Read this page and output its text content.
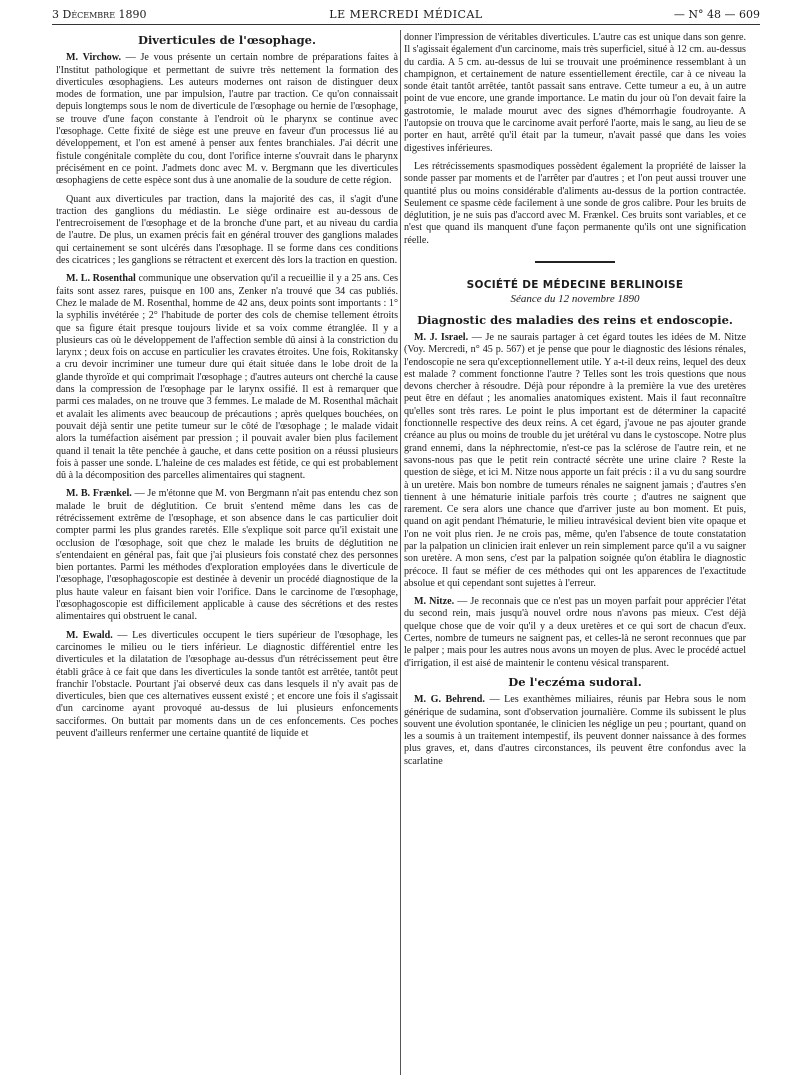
3 Décembre 1890	LE MERCREDI MÉDICAL	— N° 48 — 609
Diverticules de l'œsophage.

M. Virchow. — Je vous présente un certain nombre de préparations faites à l'Institut pathologique et permettant de suivre très nettement la formation des diverticules œsophagiens. Les auteurs modernes ont raison de distinguer deux modes de formation, une par impulsion, l'autre par traction. Ce qu'on connaissait depuis longtemps sous le nom de diverticule de l'œsophage ou hernie de l'œsophage, se trouve d'une façon constante à l'endroit où le pharynx se continue avec l'œsophage. Cette fixité de siège est une preuve en faveur d'un processus lié au développement, et l'on est amené à penser aux fentes branchiales. J'ai décrit une fistule congénitale complète du cou, dont l'orifice interne s'ouvrait dans le pharynx précisément en ce point. J'admets donc avec M. v. Bergmann que les diverticules œsophagiens de cette espèce sont dus à une anomalie de la soudure de cette région.

Quant aux diverticules par traction, dans la majorité des cas, il s'agit d'une traction des ganglions du médiastin. Le siège ordinaire est au-dessous de l'entrecroisement de l'œsophage et de la bronche d'une part, et au niveau du cardia de l'autre. De plus, un examen précis fait en général trouver des ganglions malades qui certainement se sont ulcérés dans l'œsophage. Il se forme dans ces conditions des cicatrices ; les ganglions se rétractent et exercent dès lors la traction en question.

M. L. Rosenthal communique une observation qu'il a recueillie il y a 25 ans. Ces faits sont assez rares, puisque en 100 ans, Zenker n'a trouvé que 34 cas publiés. Chez le malade de M. Rosenthal, homme de 42 ans, deux points sont importants : 1° la syphilis invétérée ; 2° l'habitude de porter des cols de chemise tellement étroits que sa figure était presque toujours livide et sa voix comme étranglée. Il y a plusieurs cas où le développement de l'affection semble dû ainsi à la constriction du larynx ; deux fois on accuse en particulier les cravates étroites. Une fois, Rokitansky a cru devoir incriminer une tumeur dure qui était située dans le lobe droit de la glande thyroïde et qui comprimait l'œsophage ; d'autres auteurs ont cherché la cause dans la compression de l'œsophage par le larynx ossifié. Il est à remarquer que parmi ces malades, on ne trouve que 3 femmes. Le malade de M. Rosenthal mâchait et avalait les aliments avec beaucoup de précautions ; après quelques bouchées, on pouvait déjà sentir une petite tumeur sur le côté de l'œsophage ; le malade vidait alors la tuméfaction aisément par pression ; il pouvait avaler bien plus facilement quand il tenait la tête penchée à gauche, et dans cette position on a réussi plusieurs fois à passer une sonde. L'haleine de ces malades est fétide, ce qui est probablement dû à la décomposition des parcelles alimentaires qui stagnent.

M. B. Frænkel. — Je m'étonne que M. von Bergmann n'ait pas entendu chez son malade le bruit de déglutition. Ce bruit s'entend même dans les cas de rétrécissement extrême de l'œsophage, et son absence dans le cas particulier doit compter parmi les plus grandes raretés. Elle s'explique soit parce qu'il existait une occlusion de l'œsophage, soit que chez le malade les bruits de déglutition ne s'entendaient en général pas, fait que j'ai plusieurs fois constaté chez des personnes bien portantes. Parmi les méthodes d'exploration employées dans le diverticule de l'œsophage, l'œsophagoscopie est destinée à devenir un procédé diagnostique de la plus haute valeur en faisant bien voir l'orifice. Dans le carcinome de l'œsophage, l'œsophagoscopie est difficilement applicable à cause des sécrétions et des restes alimentaires qui obstruent le canal.

M. Ewald. — Les diverticules occupent le tiers supérieur de l'œsophage, les carcinomes le milieu ou le tiers inférieur. Le diagnostic différentiel entre les diverticules et la dilatation de l'œsophage au-dessus d'un rétrécissement peut être établi grâce à ce fait que dans les diverticules la sonde tantôt est arrêtée, tantôt peut franchir l'obstacle. Pourtant j'ai observé deux cas dans lesquels il n'y avait pas de diverticules, bien que ces alternatives eussent existé ; et encore une fois il s'agissait d'un carcinome ayant provoqué au-dessus de lui plusieurs enfoncements sacciformes. On buttait par moments dans un de ces enfoncements. Ces poches peuvent d'ailleurs renfermer une certaine quantité de liquide et

donner l'impression de véritables diverticules. L'autre cas est unique dans son genre. Il s'agissait également d'un carcinome, mais très superficiel, situé à 12 cm. au-dessus du cardia. A 5 cm. au-dessus de lui se trouvait une proéminence ressemblant à un champignon, et certainement de nature essentiellement érectile, car à ce niveau la sonde était tantôt arrêtée, tantôt passait sans entrave. Cette tumeur a eu, à un autre point de vue encore, une grande importance. Le matin du jour où l'on devait faire la gastrotomie, le malade mourut avec des signes d'hémorrhagie foudroyante. A l'autopsie on trouva que le carcinome avait perforé l'aorte, mais le sang, au lieu de se porter en haut, arrêté qu'il était par la tumeur, n'avait passé que dans les voies digestives inférieures.

Les rétrécissements spasmodiques possèdent également la propriété de laisser la sonde passer par moments et de l'arrêter par d'autres ; et l'on peut aussi trouver une quantité plus ou moins considérable d'aliments au-dessus de la portion contractée. Seulement ce spasme cède facilement à une sonde de gros calibre. Pour les bruits de déglutition, je ne suis pas d'accord avec M. Frænkel. Ces bruits sont variables, et ce n'est que quand ils manquent d'une façon permanente qu'ils ont une signification réelle.

SOCIÉTÉ DE MÉDECINE BERLINOISE
Séance du 12 novembre 1890
Diagnostic des maladies des reins et endoscopie.

M. J. Israel. — Je ne saurais partager à cet égard toutes les idées de M. Nitze (Voy. Mercredi, n° 45 p. 567) et je pense que pour le diagnostic des lésions rénales, l'endoscopie ne sera qu'exceptionnellement utile. Y a-t-il deux reins, lequel des deux est malade ? comment fonctionne l'autre ? Telles sont les trois questions que nous devons chercher à résoudre. Déjà pour répondre à la première la vue des uretères peut être en défaut ; les anomalies anatomiques existent. Mais il faut reconnaître qu'elles sont très rares. Le point le plus important est de déterminer la capacité fonctionnelle respective des deux reins. A cet égard, j'avoue ne pas ajouter grande créance au plus ou moins de trouble du jet urétéral vu dans le cystoscope. Notre plus grand ennemi, dans la néphrectomie, n'est-ce pas la sclérose de l'autre rein, et ne savons-nous pas que le petit rein contracté sécrète une urine claire ? Reste la question de siège, et ici M. Nitze nous apporte un fait précis : il a vu du sang sourdre à un uretère. Mais bon nombre de tumeurs rénales ne saignent jamais ; d'autres s'en tiennent à une hématurie initiale parfois très courte ; d'autres ne saignent que rarement. Ce sera alors une chance que d'arriver juste au bon moment. Et puis, quand on agit pendant l'hématurie, le milieu intravésical devient bien vite opaque et l'on ne voit plus rien. Je ne crois pas, même, qu'en l'absence de toute constatation par la palpation un clinicien irait enlever un rein simplement parce qu'il a vu saigner son uretère. A mon sens, c'est par la palpation soignée qu'on établira le diagnostic précoce. Il faut se méfier de ces méthodes qui ont les apparences de l'exactitude absolue et qui cependant sont sujettes à l'erreur.

M. Nitze. — Je reconnais que ce n'est pas un moyen parfait pour apprécier l'état du second rein, mais jusqu'à nouvel ordre nous n'avons pas mieux. C'est déjà quelque chose que de voir qu'il y a deux uretères et ce qui sort de chacun d'eux. Certes, nombre de tumeurs ne saignent pas, et celles-là ne seront reconnues que par le palper ; mais pour les autres nous avons un moyen de plus. Avec le procédé actuel d'irrigation, il est aisé de maintenir le contenu vésical transparent.

De l'eczéma sudoral.

M. G. Behrend. — Les exanthèmes miliaires, réunis par Hebra sous le nom générique de sudamina, sont d'observation journalière. Comme ils subissent le plus souvent une évolution spontanée, le clinicien les néglige un peu ; pourtant, quand on les a soumis à un traitement intempestif, ils peuvent donner naissance à des formes plus graves, et, dans d'autres circonstances, ils peuvent être confondus avec la scarlatine
